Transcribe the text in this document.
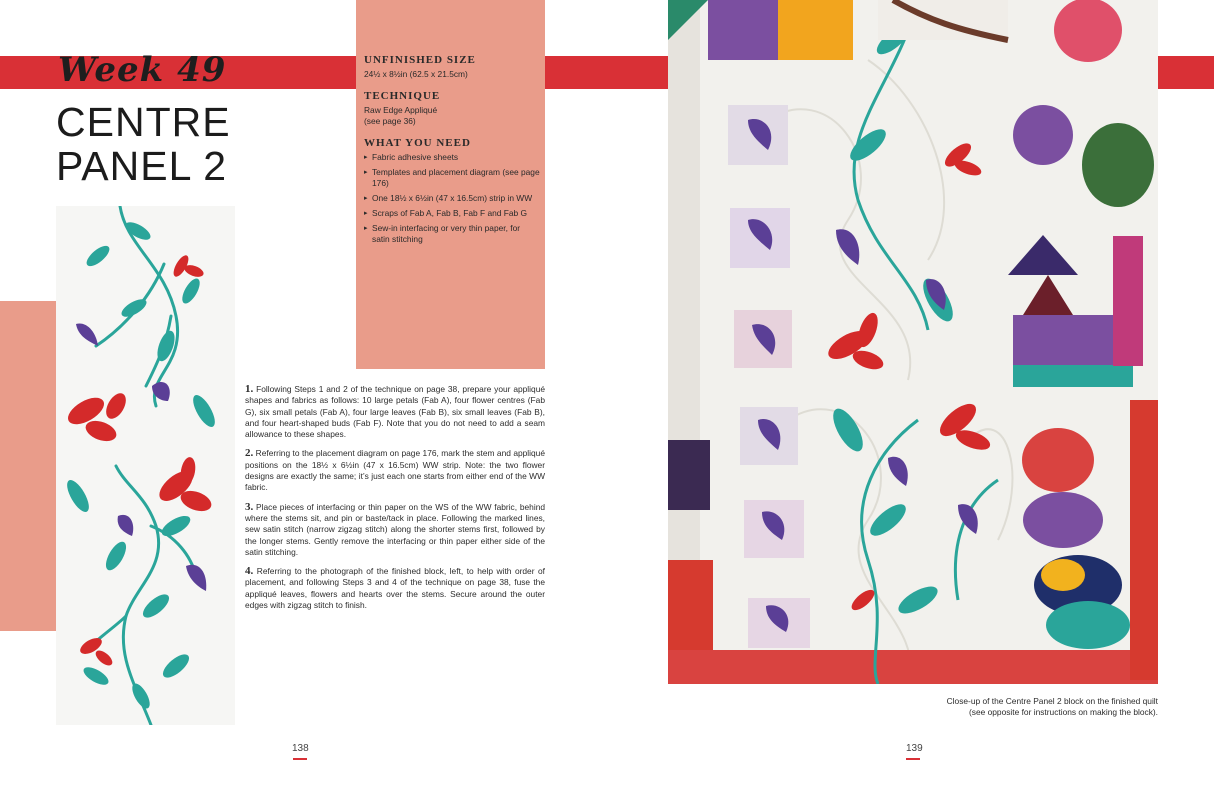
Week 49
CENTRE
PANEL 2
UNFINISHED SIZE

24½ x 8½in (62.5 x 21.5cm)

TECHNIQUE

Raw Edge Appliqué
(see page 36)

WHAT YOU NEED
▸ Fabric adhesive sheets
▸ Templates and placement diagram (see page 176)
▸ One 18½ x 6½in (47 x 16.5cm) strip in WW
▸ Scraps of Fab A, Fab B, Fab F and Fab G
▸ Sew-in interfacing or very thin paper, for satin stitching

1. Following Steps 1 and 2 of the technique on page 38, prepare your appliqué shapes and fabrics as follows: 10 large petals (Fab A), four flower centres (Fab G), six small petals (Fab A), four large leaves (Fab B), six small leaves (Fab B), and four heart-shaped buds (Fab F). Note that you do not need to add a seam allowance to these shapes.

2. Referring to the placement diagram on page 176, mark the stem and appliqué positions on the 18½ x 6½in (47 x 16.5cm) WW strip. Note: the two flower designs are exactly the same; it’s just each one starts from either end of the WW fabric.

3. Place pieces of interfacing or thin paper on the WS of the WW fabric, behind where the stems sit, and pin or baste/tack in place. Following the marked lines, sew satin stitch (narrow zigzag stitch) along the shorter stems first, followed by the longer stems. Gently remove the interfacing or thin paper either side of the satin stitching.

4. Referring to the photograph of the finished block, left, to help with order of placement, and following Steps 3 and 4 of the technique on page 38, fuse the appliqué leaves, flowers and hearts over the stems. Secure around the outer edges with zigzag stitch to finish.

138	139
Close-up of the Centre Panel 2 block on the finished quilt
(see opposite for instructions on making the block).
